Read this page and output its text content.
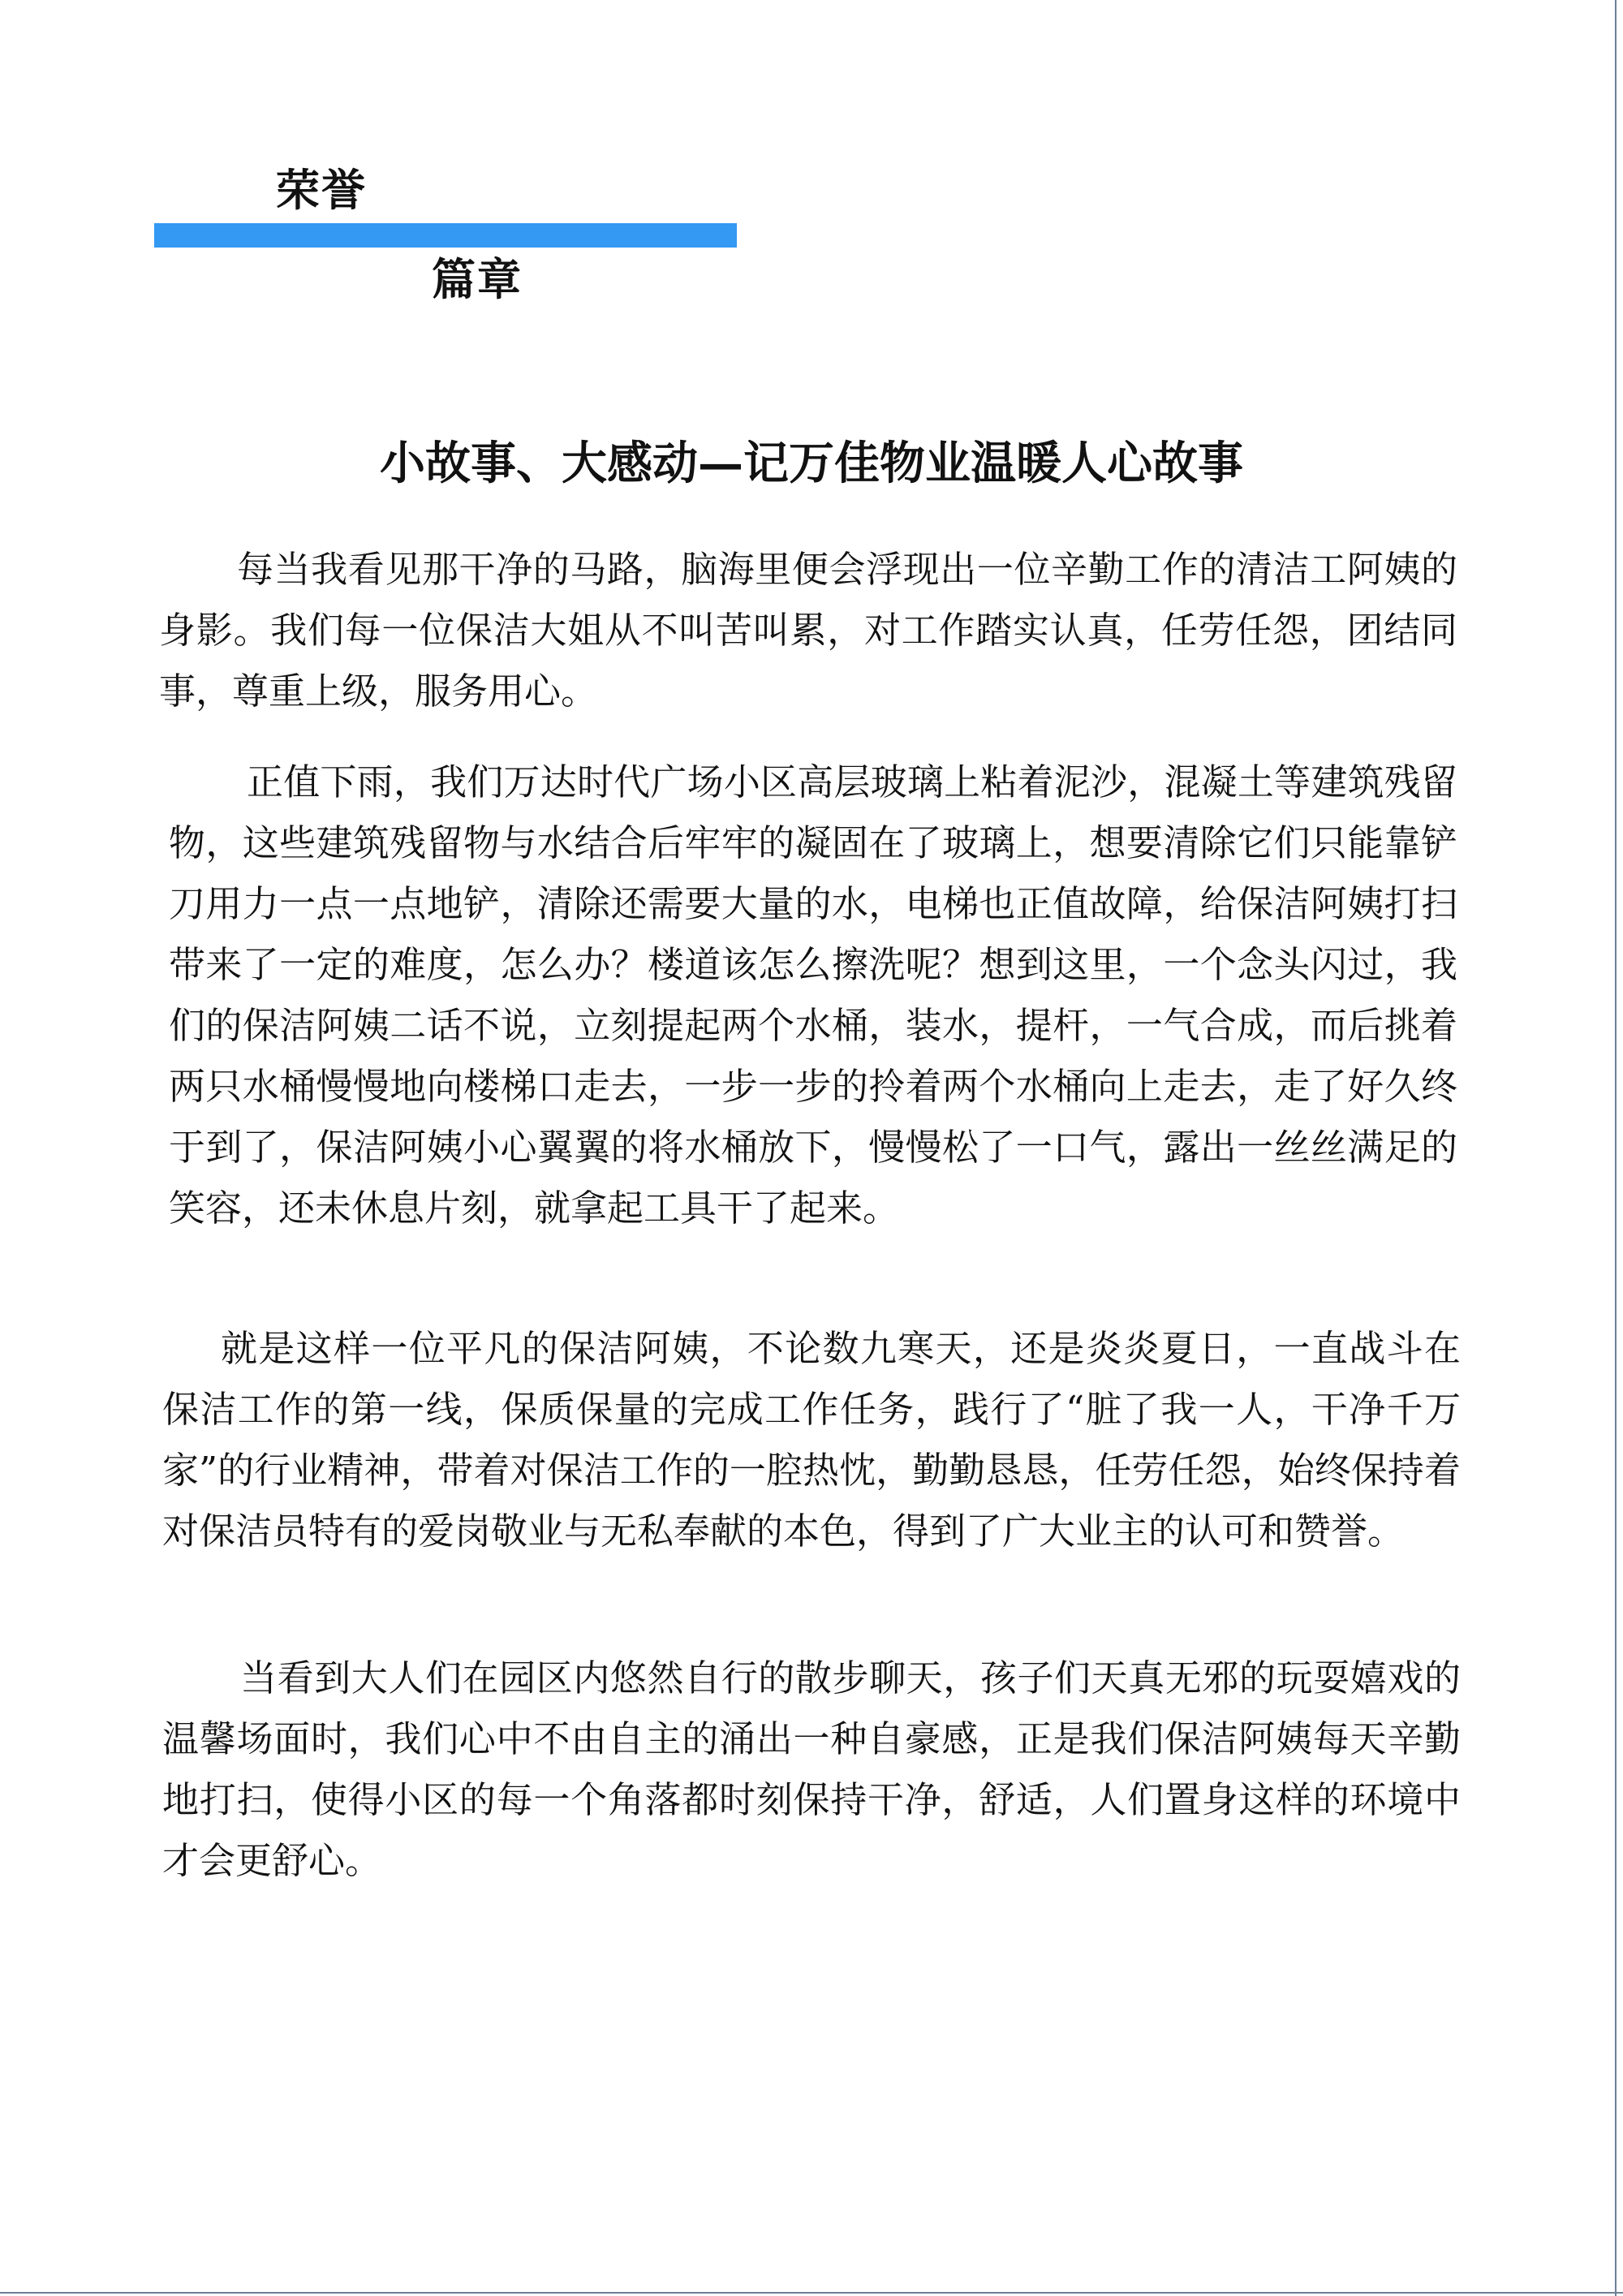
荣誉
篇章
小故事、大感动—记万佳物业温暖人心故事

每当我看见那干净的马路，脑海里便会浮现出一位辛勤工作的清洁工阿姨的身影。我们每一位保洁大姐从不叫苦叫累，对工作踏实认真，任劳任怨，团结同事，尊重上级，服务用心。

正值下雨，我们万达时代广场小区高层玻璃上粘着泥沙，混凝土等建筑残留物，这些建筑残留物与水结合后牢牢的凝固在了玻璃上，想要清除它们只能靠铲刀用力一点一点地铲，清除还需要大量的水，电梯也正值故障，给保洁阿姨打扫带来了一定的难度，怎么办？楼道该怎么擦洗呢？想到这里，一个念头闪过，我们的保洁阿姨二话不说，立刻提起两个水桶，装水，提杆，一气合成，而后挑着两只水桶慢慢地向楼梯口走去，一步一步的拎着两个水桶向上走去，走了好久终于到了，保洁阿姨小心翼翼的将水桶放下，慢慢松了一口气，露出一丝丝满足的笑容，还未休息片刻，就拿起工具干了起来。

就是这样一位平凡的保洁阿姨，不论数九寒天，还是炎炎夏日，一直战斗在保洁工作的第一线，保质保量的完成工作任务，践行了“脏了我一人，干净千万家”的行业精神，带着对保洁工作的一腔热忱，勤勤恳恳，任劳任怨，始终保持着对保洁员特有的爱岗敬业与无私奉献的本色，得到了广大业主的认可和赞誉。

当看到大人们在园区内悠然自行的散步聊天，孩子们天真无邪的玩耍嬉戏的温馨场面时，我们心中不由自主的涌出一种自豪感，正是我们保洁阿姨每天辛勤地打扫，使得小区的每一个角落都时刻保持干净，舒适，人们置身这样的环境中才会更舒心。
